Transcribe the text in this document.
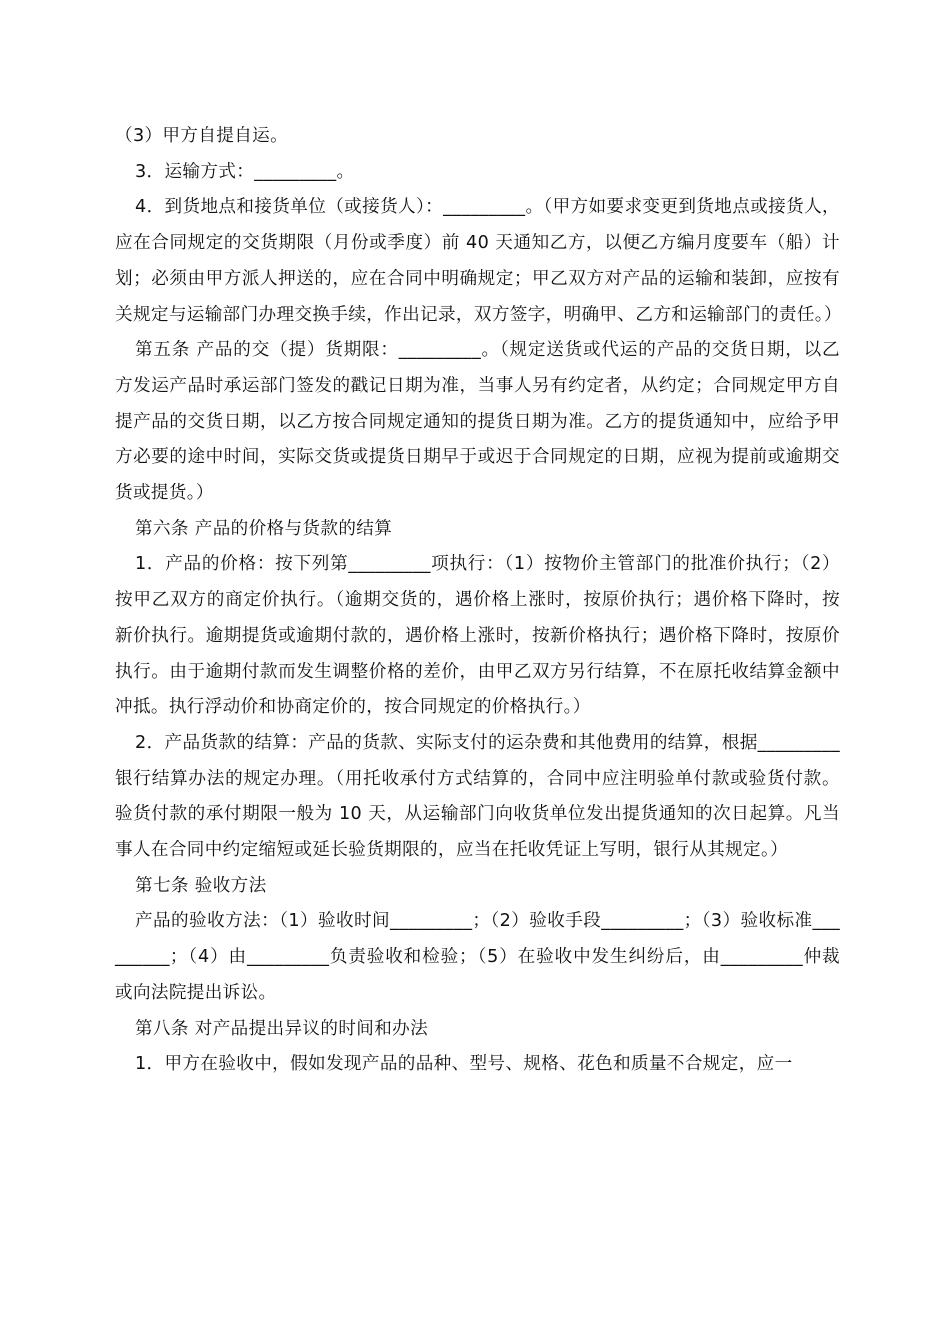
（3）甲方自提自运。

3．运输方式：_________。

4．到货地点和接货单位（或接货人）：_________。（甲方如要求变更到货地点或接货人，应在合同规定的交货期限（月份或季度）前 40 天通知乙方，以便乙方编月度要车（船）计划；必须由甲方派人押送的，应在合同中明确规定；甲乙双方对产品的运输和装卸，应按有关规定与运输部门办理交换手续，作出记录，双方签字，明确甲、乙方和运输部门的责任。）

第五条 产品的交（提）货期限：_________。（规定送货或代运的产品的交货日期，以乙方发运产品时承运部门签发的戳记日期为准，当事人另有约定者，从约定；合同规定甲方自提产品的交货日期，以乙方按合同规定通知的提货日期为准。乙方的提货通知中，应给予甲方必要的途中时间，实际交货或提货日期早于或迟于合同规定的日期，应视为提前或逾期交货或提货。）

第六条 产品的价格与货款的结算

1．产品的价格：按下列第_________项执行：（1）按物价主管部门的批准价执行；（2）按甲乙双方的商定价执行。（逾期交货的，遇价格上涨时，按原价执行；遇价格下降时，按新价执行。逾期提货或逾期付款的，遇价格上涨时，按新价格执行；遇价格下降时，按原价执行。由于逾期付款而发生调整价格的差价，由甲乙双方另行结算，不在原托收结算金额中冲抵。执行浮动价和协商定价的，按合同规定的价格执行。）

2．产品货款的结算：产品的货款、实际支付的运杂费和其他费用的结算，根据_________银行结算办法的规定办理。（用托收承付方式结算的，合同中应注明验单付款或验货付款。验货付款的承付期限一般为 10 天，从运输部门向收货单位发出提货通知的次日起算。凡当事人在合同中约定缩短或延长验货期限的，应当在托收凭证上写明，银行从其规定。）

第七条 验收方法

产品的验收方法：（1）验收时间_________；（2）验收手段_________；（3）验收标准_________；（4）由_________负责验收和检验；（5）在验收中发生纠纷后，由_________仲裁或向法院提出诉讼。

第八条 对产品提出异议的时间和办法

1．甲方在验收中，假如发现产品的品种、型号、规格、花色和质量不合规定，应一
